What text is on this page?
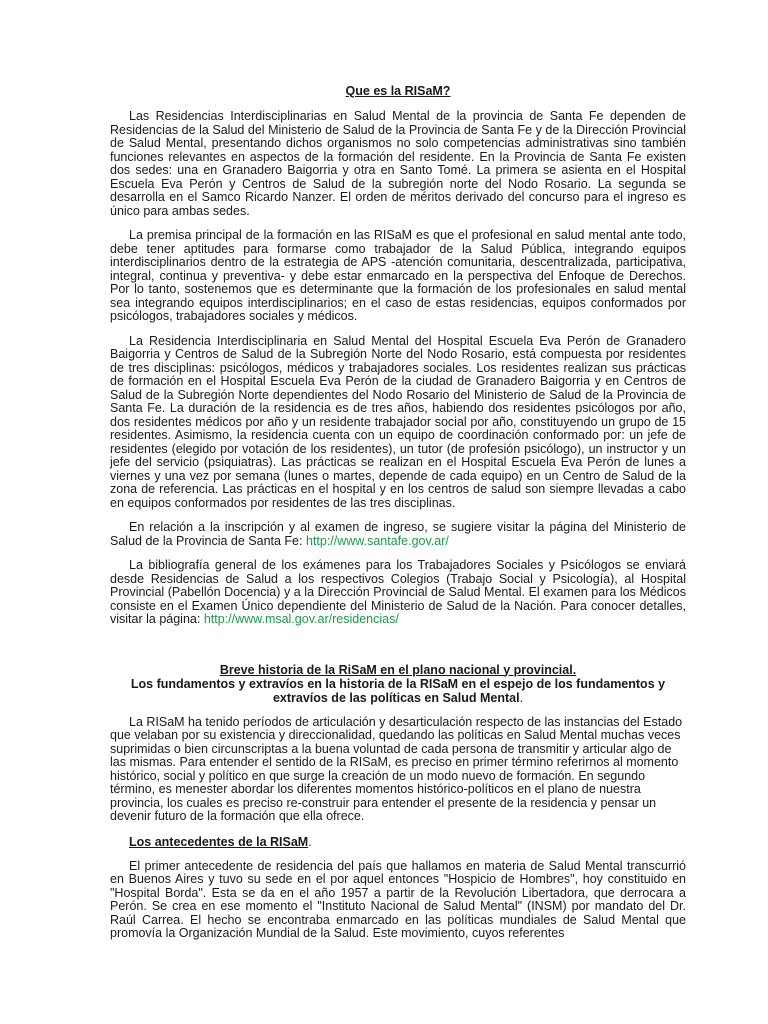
Que es la RISaM?

Las Residencias Interdisciplinarias en Salud Mental de la provincia de Santa Fe dependen de Residencias de la Salud del Ministerio de Salud de la Provincia de Santa Fe y de la Dirección Provincial de Salud Mental, presentando dichos organismos no solo competencias administrativas sino también funciones relevantes en aspectos de la formación del residente. En la Provincia de Santa Fe existen dos sedes: una en Granadero Baigorria y otra en Santo Tomé. La primera se asienta en el Hospital Escuela Eva Perón y Centros de Salud de la subregión norte del Nodo Rosario. La segunda se desarrolla en el Samco Ricardo Nanzer. El orden de méritos derivado del concurso para el ingreso es único para ambas sedes.

La premisa principal de la formación en las RISaM es que el profesional en salud mental ante todo, debe tener aptitudes para formarse como trabajador de la Salud Pública, integrando equipos interdisciplinarios dentro de la estrategia de APS -atención comunitaria, descentralizada, participativa, integral, continua y preventiva- y debe estar enmarcado en la perspectiva del Enfoque de Derechos. Por lo tanto, sostenemos que es determinante que la formación de los profesionales en salud mental sea integrando equipos interdisciplinarios; en el caso de estas residencias, equipos conformados por psicólogos, trabajadores sociales y médicos.

La Residencia Interdisciplinaria en Salud Mental del Hospital Escuela Eva Perón de Granadero Baigorria y Centros de Salud de la Subregión Norte del Nodo Rosario, está compuesta por residentes de tres disciplinas: psicólogos, médicos y trabajadores sociales. Los residentes realizan sus prácticas de formación en el Hospital Escuela Eva Perón de la ciudad de Granadero Baigorria y en Centros de Salud de la Subregión Norte dependientes del Nodo Rosario del Ministerio de Salud de la Provincia de Santa Fe. La duración de la residencia es de tres años, habiendo dos residentes psicólogos por año, dos residentes médicos por año y un residente trabajador social por año, constituyendo un grupo de 15 residentes. Asimismo, la residencia cuenta con un equipo de coordinación conformado por: un jefe de residentes (elegido por votación de los residentes), un tutor (de profesión psicólogo), un instructor y un jefe del servicio (psiquiatras). Las prácticas se realizan en el Hospital Escuela Eva Perón de lunes a viernes y una vez por semana (lunes o martes, depende de cada equipo) en un Centro de Salud de la zona de referencia. Las prácticas en el hospital y en los centros de salud son siempre llevadas a cabo en equipos conformados por residentes de las tres disciplinas.

En relación a la inscripción y al examen de ingreso, se sugiere visitar la página del Ministerio de Salud de la Provincia de Santa Fe: http://www.santafe.gov.ar/

La bibliografía general de los exámenes para los Trabajadores Sociales y Psicólogos se enviará desde Residencias de Salud a los respectivos Colegios (Trabajo Social y Psicología), al Hospital Provincial (Pabellón Docencia) y a la Dirección Provincial de Salud Mental. El examen para los Médicos consiste en el Examen Único dependiente del Ministerio de Salud de la Nación. Para conocer detalles, visitar la página: http://www.msal.gov.ar/residencias/

Breve historia de la RiSaM en el plano nacional y provincial.
Los fundamentos y extravíos en la historia de la RISaM en el espejo de los fundamentos y extravíos de las políticas en Salud Mental.

La RISaM ha tenido períodos de articulación y desarticulación respecto de las instancias del Estado que velaban por su existencia y direccionalidad, quedando las políticas en Salud Mental muchas veces suprimidas o bien circunscriptas a la buena voluntad de cada persona de transmitir y articular algo de las mismas. Para entender el sentido de la RISaM, es preciso en primer término referirnos al momento histórico, social y político en que surge la creación de un modo nuevo de formación. En segundo término, es menester abordar los diferentes momentos histórico-políticos en el plano de nuestra provincia, los cuales es preciso re-construir para entender el presente de la residencia y pensar un devenir futuro de la formación que ella ofrece.

Los antecedentes de la RISaM.

El primer antecedente de residencia del país que hallamos en materia de Salud Mental transcurrió en Buenos Aires y tuvo su sede en el por aquel entonces "Hospicio de Hombres", hoy constituido en "Hospital Borda". Esta se da en el año 1957 a partir de la Revolución Libertadora, que derrocara a Perón. Se crea en ese momento el "Instituto Nacional de Salud Mental" (INSM) por mandato del Dr. Raúl Carrea. El hecho se encontraba enmarcado en las políticas mundiales de Salud Mental que promovía la Organización Mundial de la Salud. Este movimiento, cuyos referentes
